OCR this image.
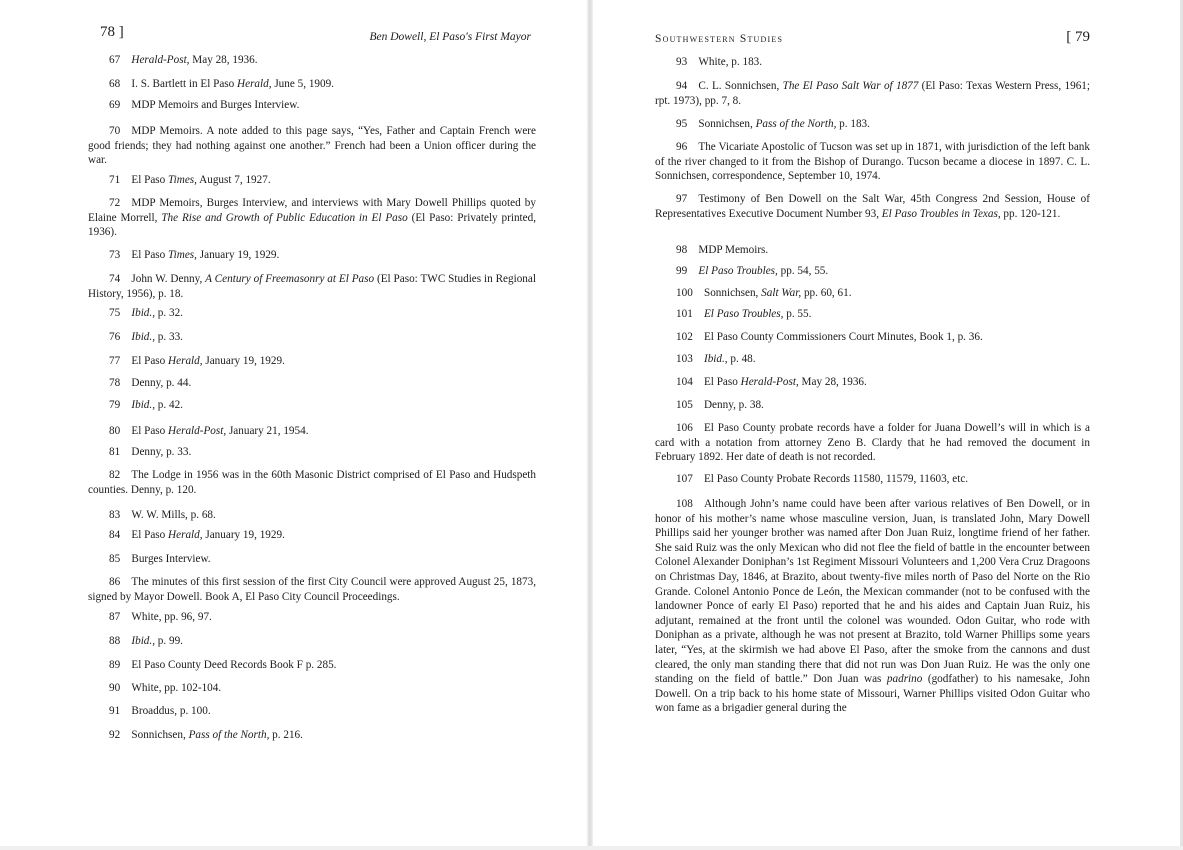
78 ]	Ben Dowell, El Paso's First Mayor

67  Herald-Post, May 28, 1936.

68  I. S. Bartlett in El Paso Herald, June 5, 1909.

69  MDP Memoirs and Burges Interview.

70  MDP Memoirs. A note added to this page says, “Yes, Father and Captain French were good friends; they had nothing against one another.” French had been a Union officer during the war.

71  El Paso Times, August 7, 1927.

72  MDP Memoirs, Burges Interview, and interviews with Mary Dowell Phillips quoted by Elaine Morrell, The Rise and Growth of Public Education in El Paso (El Paso: Privately printed, 1936).

73  El Paso Times, January 19, 1929.

74  John W. Denny, A Century of Freemasonry at El Paso (El Paso: TWC Studies in Regional History, 1956), p. 18.

75  Ibid., p. 32.

76  Ibid., p. 33.

77  El Paso Herald, January 19, 1929.

78  Denny, p. 44.

79  Ibid., p. 42.

80  El Paso Herald-Post, January 21, 1954.

81  Denny, p. 33.

82  The Lodge in 1956 was in the 60th Masonic District comprised of El Paso and Hudspeth counties. Denny, p. 120.

83  W. W. Mills, p. 68.

84  El Paso Herald, January 19, 1929.

85  Burges Interview.

86  The minutes of this first session of the first City Council were approved August 25, 1873, signed by Mayor Dowell. Book A, El Paso City Council Proceedings.

87  White, pp. 96, 97.

88  Ibid., p. 99.

89  El Paso County Deed Records Book F p. 285.

90  White, pp. 102-104.

91  Broaddus, p. 100.

92  Sonnichsen, Pass of the North, p. 216.

Southwestern Studies	[ 79

93  White, p. 183.

94  C. L. Sonnichsen, The El Paso Salt War of 1877 (El Paso: Texas Western Press, 1961; rpt. 1973), pp. 7, 8.

95  Sonnichsen, Pass of the North, p. 183.

96  The Vicariate Apostolic of Tucson was set up in 1871, with jurisdiction of the left bank of the river changed to it from the Bishop of Durango. Tucson became a diocese in 1897. C. L. Sonnichsen, correspondence, September 10, 1974.

97  Testimony of Ben Dowell on the Salt War, 45th Congress 2nd Session, House of Representatives Executive Document Number 93, El Paso Troubles in Texas, pp. 120-121.

98  MDP Memoirs.

99  El Paso Troubles, pp. 54, 55.

100  Sonnichsen, Salt War, pp. 60, 61.

101  El Paso Troubles, p. 55.

102  El Paso County Commissioners Court Minutes, Book 1, p. 36.

103  Ibid., p. 48.

104  El Paso Herald-Post, May 28, 1936.

105  Denny, p. 38.

106  El Paso County probate records have a folder for Juana Dowell’s will in which is a card with a notation from attorney Zeno B. Clardy that he had removed the document in February 1892. Her date of death is not recorded.

107  El Paso County Probate Records 11580, 11579, 11603, etc.

108  Although John’s name could have been after various relatives of Ben Dowell, or in honor of his mother’s name whose masculine version, Juan, is translated John, Mary Dowell Phillips said her younger brother was named after Don Juan Ruiz, longtime friend of her father. She said Ruiz was the only Mexican who did not flee the field of battle in the encounter between Colonel Alexander Doniphan’s 1st Regiment Missouri Volunteers and 1,200 Vera Cruz Dragoons on Christmas Day, 1846, at Brazito, about twenty-five miles north of Paso del Norte on the Rio Grande. Colonel Antonio Ponce de León, the Mexican commander (not to be confused with the landowner Ponce of early El Paso) reported that he and his aides and Captain Juan Ruiz, his adjutant, remained at the front until the colonel was wounded. Odon Guitar, who rode with Doniphan as a private, although he was not present at Brazito, told Warner Phillips some years later, “Yes, at the skirmish we had above El Paso, after the smoke from the cannons and dust cleared, the only man standing there that did not run was Don Juan Ruiz. He was the only one standing on the field of battle.” Don Juan was padrino (godfather) to his namesake, John Dowell. On a trip back to his home state of Missouri, Warner Phillips visited Odon Guitar who won fame as a brigadier general during the
